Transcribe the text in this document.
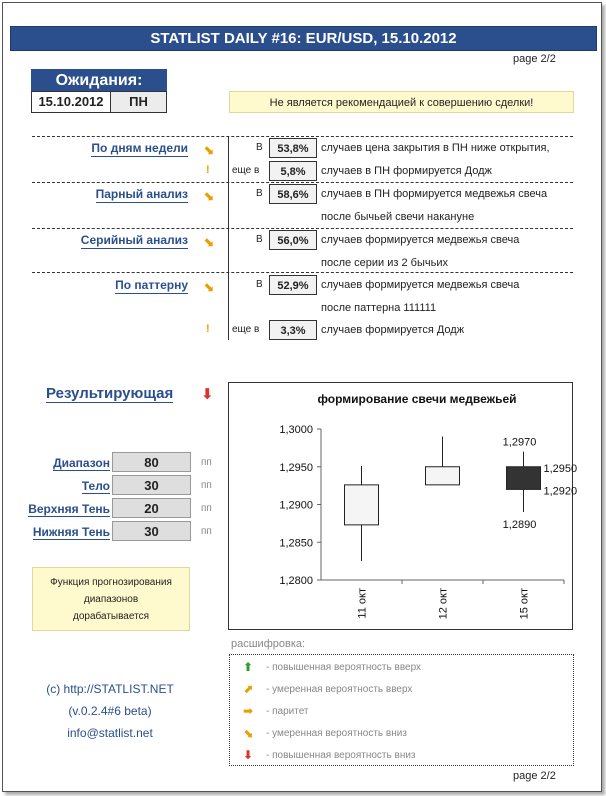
STATLIST DAILY #16: EUR/USD, 15.10.2012
page 2/2
Ожидания:
15.10.2012	ПН	Не является рекомендацией к совершению сделки!
По дням недели ⬊	В	53,8%	случаев цена закрытия в ПН ниже открытия,
! еще в	5,8%	случаев в ПН формируется Додж
Парный анализ ⬊	В	58,6%	случаев в ПН формируется медвежья свеча
после бычьей свечи накануне
Серийный анализ ⬊	В	56,0%	случаев формируется медвежья свеча
после серии из 2 бычьих
По паттерну ⬊	В	52,9%	случаев формируется медвежья свеча
после паттерна 111111
! еще в	3,3%	случаев формируется Додж
Результирующая ⬇
Диапазон	80	пп
Тело	30	пп
Верхняя Тень	20	пп
Нижняя Тень	30	пп
Функция прогнозирования
диапазонов
дорабатывается
(c) http://STATLIST.NET
(v.0.2.4#6 beta)
info@statlist.net
формирование свечи медвежьей
1,2800
1,2850
1,2900
1,2950
1,3000
11 окт	12 окт	15 окт
1,2970
1,2950
1,2920
1,2890
расшифровка:
⬆ - повышенная вероятность вверх
⬈ - умеренная вероятность вверх
➡ - паритет
⬊ - умеренная вероятность вниз
⬇ - повышенная вероятность вниз
page 2/2
